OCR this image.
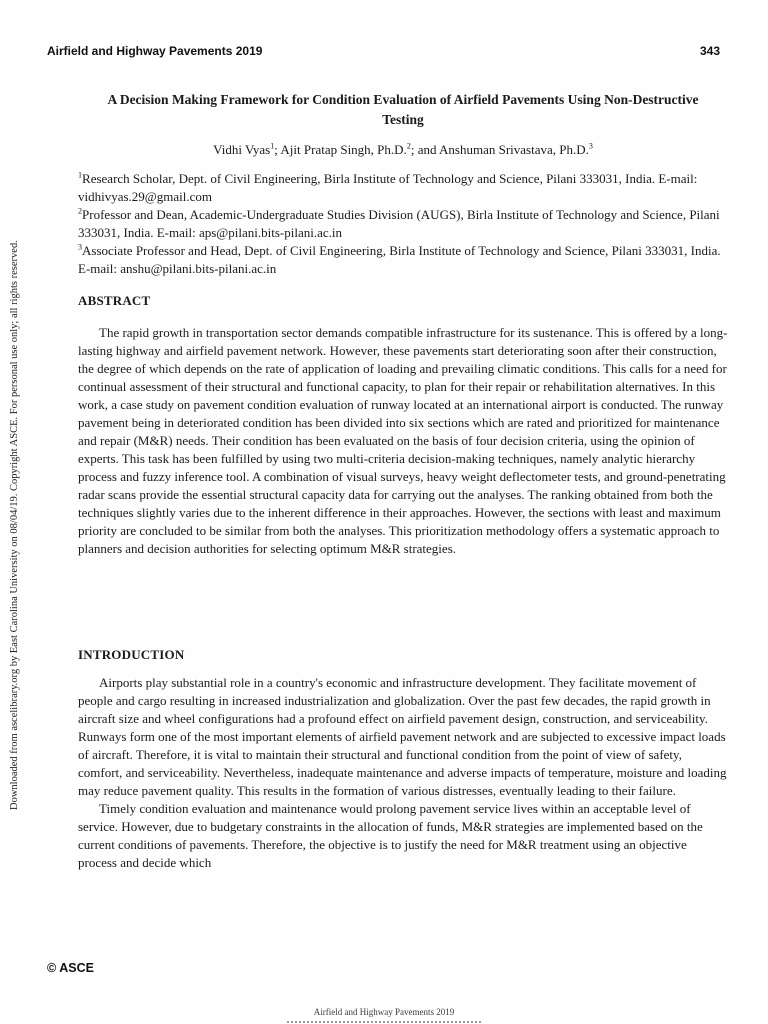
Airfield and Highway Pavements 2019	343
Downloaded from ascelibrary.org by East Carolina University on 08/04/19. Copyright ASCE. For personal use only; all rights reserved.
A Decision Making Framework for Condition Evaluation of Airfield Pavements Using Non-Destructive Testing
Vidhi Vyas$^1$; Ajit Pratap Singh, Ph.D.$^2$; and Anshuman Srivastava, Ph.D.$^3$

$^1$Research Scholar, Dept. of Civil Engineering, Birla Institute of Technology and Science, Pilani 333031, India. E-mail: vidhivyas.29@gmail.com

$^2$Professor and Dean, Academic-Undergraduate Studies Division (AUGS), Birla Institute of Technology and Science, Pilani 333031, India. E-mail: aps@pilani.bits-pilani.ac.in

$^3$Associate Professor and Head, Dept. of Civil Engineering, Birla Institute of Technology and Science, Pilani 333031, India. E-mail: anshu@pilani.bits-pilani.ac.in

ABSTRACT

The rapid growth in transportation sector demands compatible infrastructure for its sustenance. This is offered by a long-lasting highway and airfield pavement network. However, these pavements start deteriorating soon after their construction, the degree of which depends on the rate of application of loading and prevailing climatic conditions. This calls for a need for continual assessment of their structural and functional capacity, to plan for their repair or rehabilitation alternatives. In this work, a case study on pavement condition evaluation of runway located at an international airport is conducted. The runway pavement being in deteriorated condition has been divided into six sections which are rated and prioritized for maintenance and repair (M&R) needs. Their condition has been evaluated on the basis of four decision criteria, using the opinion of experts. This task has been fulfilled by using two multi-criteria decision-making techniques, namely analytic hierarchy process and fuzzy inference tool. A combination of visual surveys, heavy weight deflectometer tests, and ground-penetrating radar scans provide the essential structural capacity data for carrying out the analyses. The ranking obtained from both the techniques slightly varies due to the inherent difference in their approaches. However, the sections with least and maximum priority are concluded to be similar from both the analyses. This prioritization methodology offers a systematic approach to planners and decision authorities for selecting optimum M&R strategies.

INTRODUCTION

Airports play substantial role in a country's economic and infrastructure development. They facilitate movement of people and cargo resulting in increased industrialization and globalization. Over the past few decades, the rapid growth in aircraft size and wheel configurations had a profound effect on airfield pavement design, construction, and serviceability. Runways form one of the most important elements of airfield pavement network and are subjected to excessive impact loads of aircraft. Therefore, it is vital to maintain their structural and functional condition from the point of view of safety, comfort, and serviceability. Nevertheless, inadequate maintenance and adverse impacts of temperature, moisture and loading may reduce pavement quality. This results in the formation of various distresses, eventually leading to their failure.

Timely condition evaluation and maintenance would prolong pavement service lives within an acceptable level of service. However, due to budgetary constraints in the allocation of funds, M&R strategies are implemented based on the current conditions of pavements. Therefore, the objective is to justify the need for M&R treatment using an objective process and decide which

© ASCE
Airfield and Highway Pavements 2019
